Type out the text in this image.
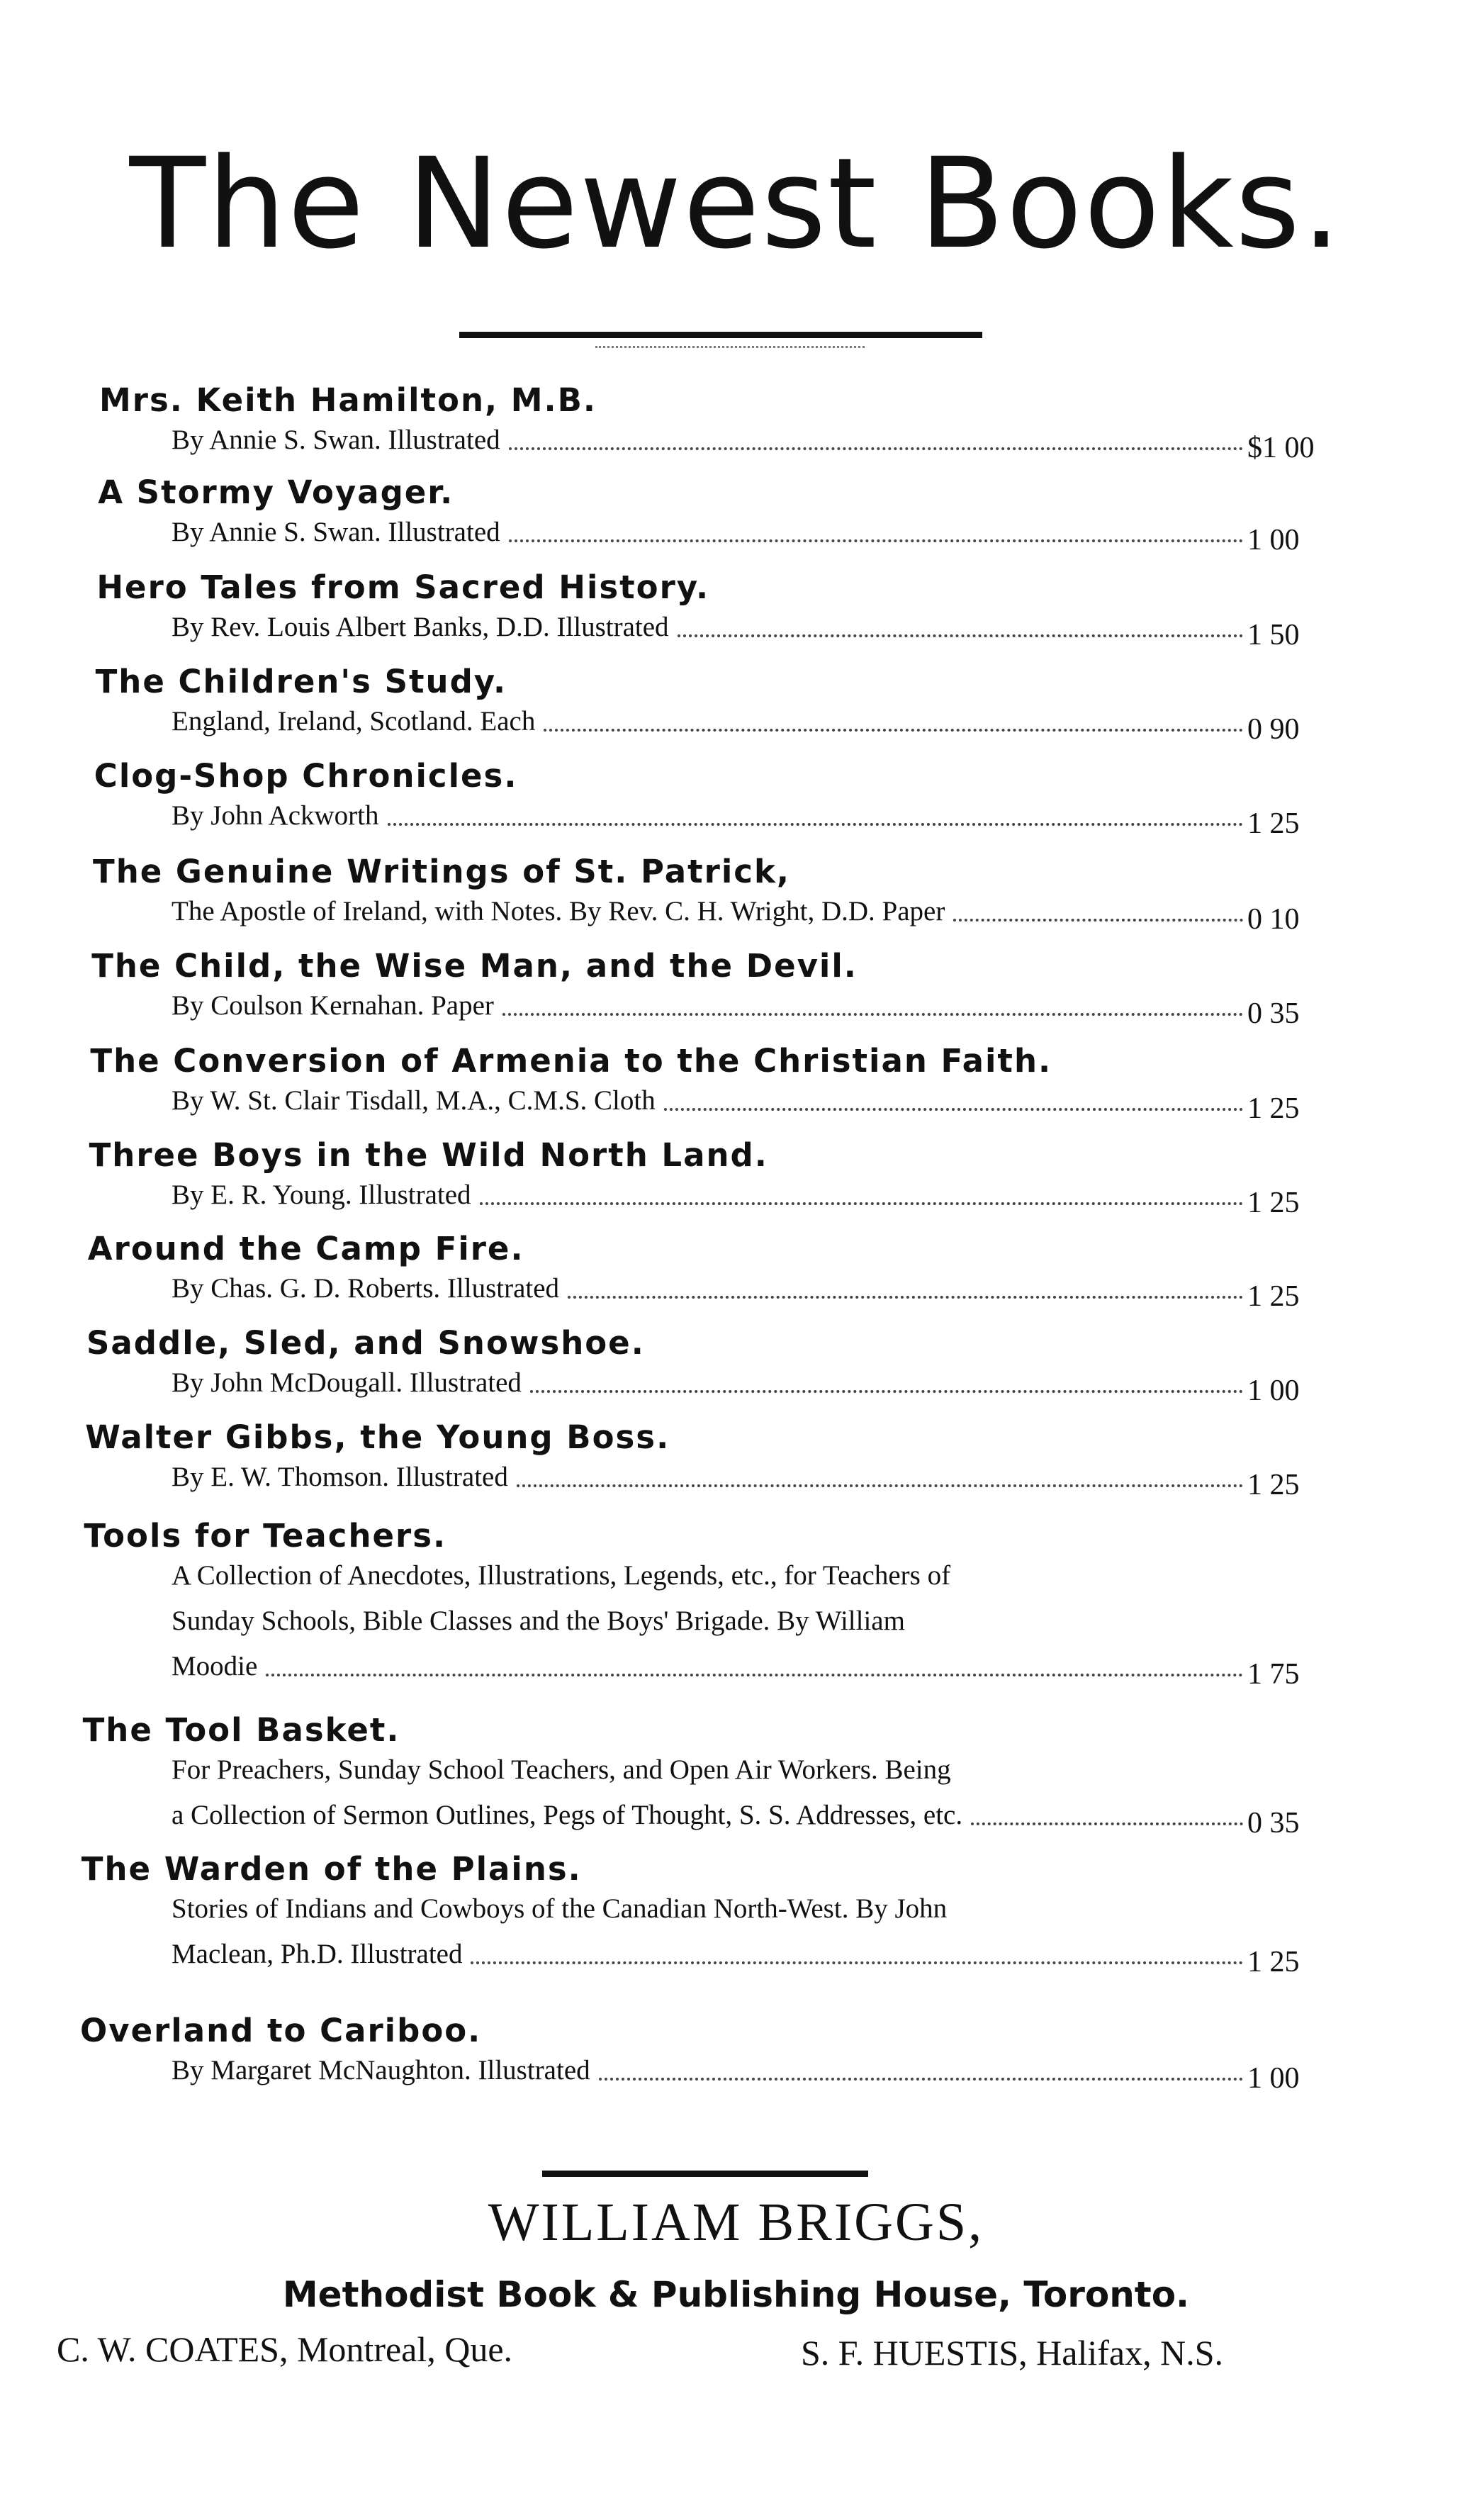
The Newest Books.
Mrs. Keith Hamilton, M.B.
By Annie S. Swan. Illustrated	$1 00
A Stormy Voyager.
By Annie S. Swan. Illustrated	1 00
Hero Tales from Sacred History.
By Rev. Louis Albert Banks, D.D. Illustrated	1 50
The Children's Study.
England, Ireland, Scotland. Each	0 90
Clog-Shop Chronicles.
By John Ackworth	1 25
The Genuine Writings of St. Patrick,
The Apostle of Ireland, with Notes. By Rev. C. H. Wright, D.D. Paper	0 10
The Child, the Wise Man, and the Devil.
By Coulson Kernahan. Paper	0 35
The Conversion of Armenia to the Christian Faith.
By W. St. Clair Tisdall, M.A., C.M.S. Cloth	1 25
Three Boys in the Wild North Land.
By E. R. Young. Illustrated	1 25
Around the Camp Fire.
By Chas. G. D. Roberts. Illustrated	1 25
Saddle, Sled, and Snowshoe.
By John McDougall. Illustrated	1 00
Walter Gibbs, the Young Boss.
By E. W. Thomson. Illustrated	1 25
Tools for Teachers.
A Collection of Anecdotes, Illustrations, Legends, etc., for Teachers of
Sunday Schools, Bible Classes and the Boys' Brigade. By William
Moodie	1 75
The Tool Basket.
For Preachers, Sunday School Teachers, and Open Air Workers. Being
a Collection of Sermon Outlines, Pegs of Thought, S. S. Addresses, etc.	0 35
The Warden of the Plains.
Stories of Indians and Cowboys of the Canadian North-West. By John
Maclean, Ph.D. Illustrated	1 25
Overland to Cariboo.
By Margaret McNaughton. Illustrated	1 00
WILLIAM BRIGGS,
Methodist Book & Publishing House, Toronto.
C. W. COATES, Montreal, Que.	S. F. HUESTIS, Halifax, N.S.
